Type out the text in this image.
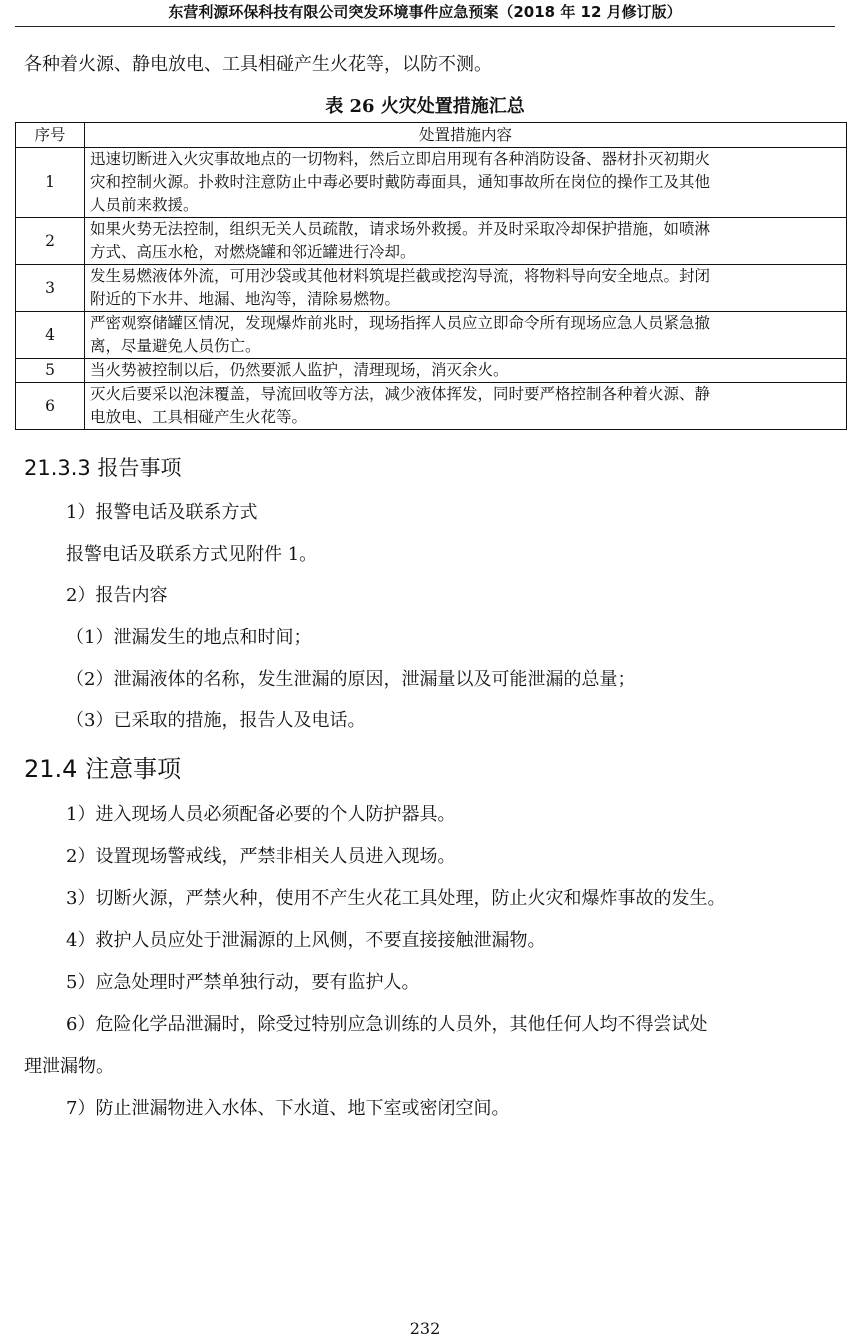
东营利源环保科技有限公司突发环境事件应急预案（2018 年 12 月修订版）
各种着火源、静电放电、工具相碰产生火花等，以防不测。
表 26 火灾处置措施汇总
序号	处置措施内容
1	迅速切断进入火灾事故地点的一切物料，然后立即启用现有各种消防设备、器材扑灭初期火
灾和控制火源。扑救时注意防止中毒必要时戴防毒面具，通知事故所在岗位的操作工及其他
人员前来救援。

2	如果火势无法控制，组织无关人员疏散，请求场外救援。并及时采取冷却保护措施，如喷淋
方式、高压水枪，对燃烧罐和邻近罐进行冷却。

3	发生易燃液体外流，可用沙袋或其他材料筑堤拦截或挖沟导流，将物料导向安全地点。封闭
附近的下水井、地漏、地沟等，清除易燃物。

4	严密观察储罐区情况，发现爆炸前兆时，现场指挥人员应立即命令所有现场应急人员紧急撤
离，尽量避免人员伤亡。

5	当火势被控制以后，仍然要派人监护，清理现场，消灭余火。

6	灭火后要采以泡沫覆盖，导流回收等方法，减少液体挥发，同时要严格控制各种着火源、静
电放电、工具相碰产生火花等。
21.3.3 报告事项
1）报警电话及联系方式
报警电话及联系方式见附件 1。
2）报告内容
（1）泄漏发生的地点和时间；
（2）泄漏液体的名称，发生泄漏的原因，泄漏量以及可能泄漏的总量；
（3）已采取的措施，报告人及电话。
21.4 注意事项
1）进入现场人员必须配备必要的个人防护器具。
2）设置现场警戒线，严禁非相关人员进入现场。
3）切断火源，严禁火种，使用不产生火花工具处理，防止火灾和爆炸事故的发生。
4）救护人员应处于泄漏源的上风侧，不要直接接触泄漏物。
5）应急处理时严禁单独行动，要有监护人。
6）危险化学品泄漏时，除受过特别应急训练的人员外，其他任何人均不得尝试处
理泄漏物。
7）防止泄漏物进入水体、下水道、地下室或密闭空间。
232
